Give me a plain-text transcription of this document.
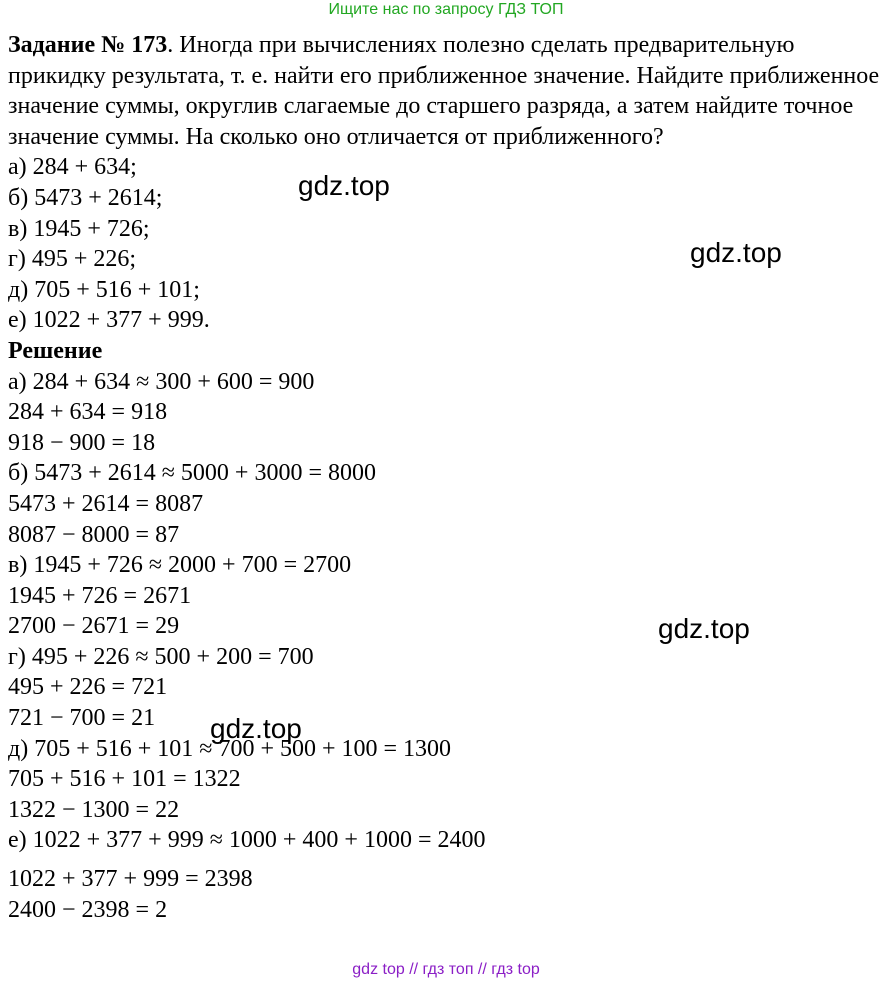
Ищите нас по запросу ГДЗ ТОП

Задание № 173. Иногда при вычислениях полезно сделать предварительную прикидку результата, т. е. найти его приближенное значение. Найдите приближенное значение суммы, округлив слагаемые до старшего разряда, а затем найдите точное значение суммы. На сколько оно отличается от приближенного?

а) 284 + 634;
б) 5473 + 2614;
в) 1945 + 726;
г) 495 + 226;
д) 705 + 516 + 101;
е) 1022 + 377 + 999.
Решение
а) 284 + 634 ≈ 300 + 600 = 900
284 + 634 = 918
918 − 900 = 18
б) 5473 + 2614 ≈ 5000 + 3000 = 8000
5473 + 2614 = 8087
8087 − 8000 = 87
в) 1945 + 726 ≈ 2000 + 700 = 2700
1945 + 726 = 2671
2700 − 2671 = 29
г) 495 + 226 ≈ 500 + 200 = 700
495 + 226 = 721
721 − 700 = 21
д) 705 + 516 + 101 ≈ 700 + 500 + 100 = 1300
705 + 516 + 101 = 1322
1322 − 1300 = 22
е) 1022 + 377 + 999 ≈ 1000 + 400 + 1000 = 2400
1022 + 377 + 999 = 2398
2400 − 2398 = 2
gdz.top
gdz.top
gdz.top
gdz.top
gdz top // гдз топ // гдз top
